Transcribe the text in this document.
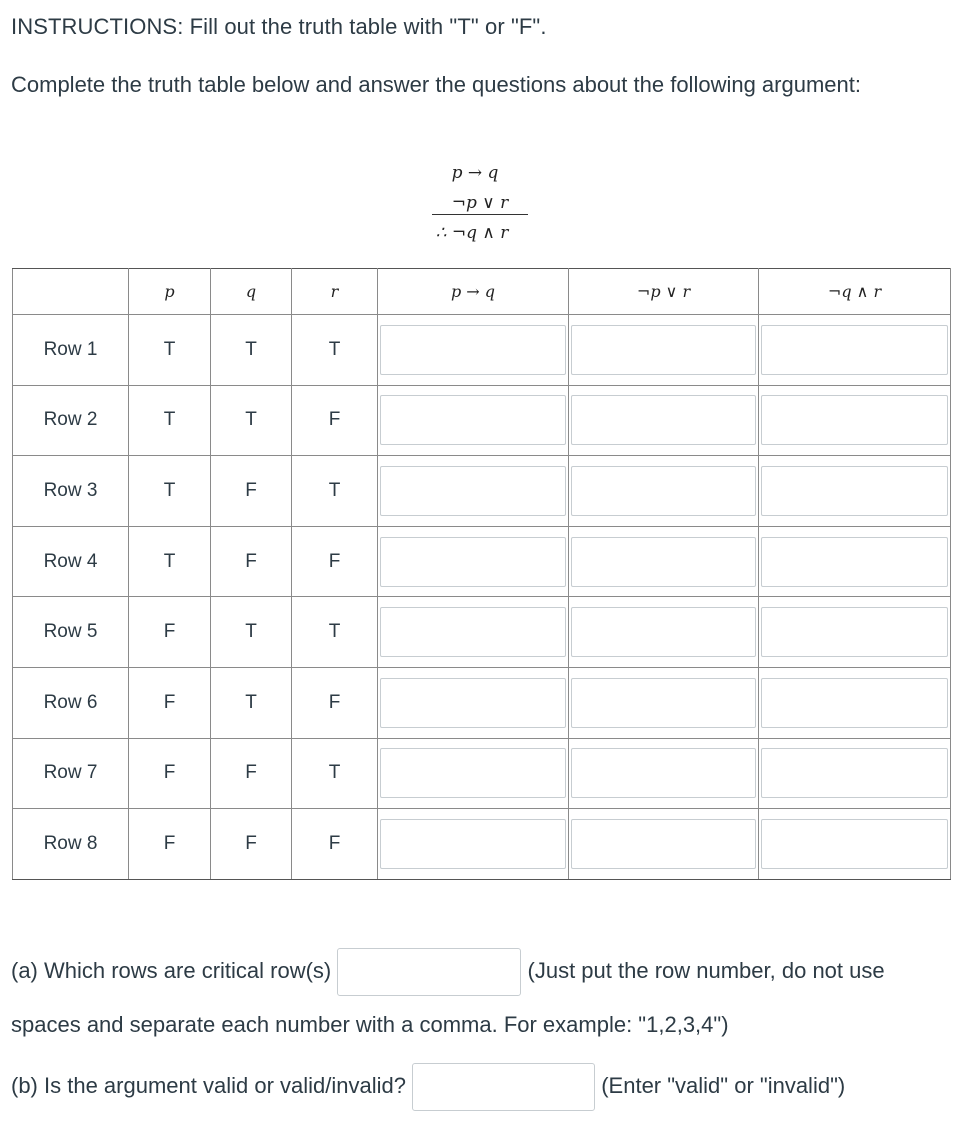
INSTRUCTIONS: Fill out the truth table with "T" or "F".
Complete the truth table below and answer the questions about the following argument:
p → q
¬p ∨ r
∴ ¬q ∧ r
	p	q	r	p → q	¬p ∨ r	¬q ∧ r
Row 1	T	T	T			
Row 2	T	T	F			
Row 3	T	F	T			
Row 4	T	F	F			
Row 5	F	T	T			
Row 6	F	T	F			
Row 7	F	F	T			
Row 8	F	F	F			
(a) Which rows are critical row(s)	(Just put the row number, do not use spaces and separate each number with a comma. For example: "1,2,3,4")
(b) Is the argument valid or valid/invalid?	(Enter "valid" or "invalid")
